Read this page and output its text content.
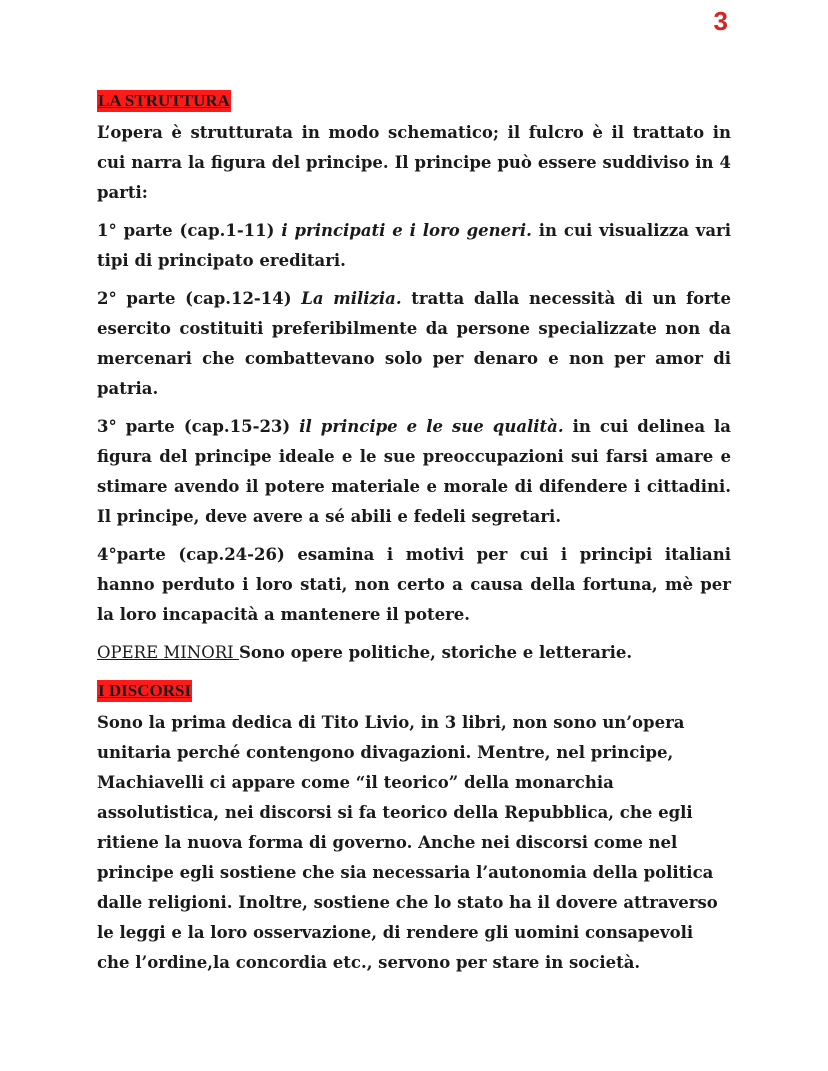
3
LA STRUTTURA

L’opera è strutturata in modo schematico; il fulcro è il trattato in cui narra la figura del principe. Il principe può essere suddiviso in 4 parti:

1° parte (cap.1-11) i principati e i loro generi. in cui visualizza vari tipi di principato ereditari.

2° parte (cap.12-14) La milizia. tratta dalla necessità di un forte esercito costituiti preferibilmente da persone specializzate non da mercenari che combattevano solo per denaro e non per amor di patria.

3° parte (cap.15-23) il principe e le sue qualità. in cui delinea la figura del principe ideale e le sue preoccupazioni sui farsi amare e stimare avendo il potere materiale e morale di difendere i cittadini. Il principe, deve avere a sé abili e fedeli segretari.

4°parte (cap.24-26) esamina i motivi per cui i principi italiani hanno perduto i loro stati, non certo a causa della fortuna, mè per la loro incapacità a mantenere il potere.

OPERE MINORI Sono opere politiche, storiche e letterarie.

I DISCORSI

Sono la prima dedica di Tito Livio, in 3 libri, non sono un’opera unitaria perché contengono divagazioni. Mentre, nel principe, Machiavelli ci appare come “il teorico” della monarchia assolutistica, nei discorsi si fa teorico della Repubblica, che egli ritiene la nuova forma di governo. Anche nei discorsi come nel principe egli sostiene che sia necessaria l’autonomia della politica dalle religioni. Inoltre, sostiene che lo stato ha il dovere attraverso le leggi e la loro osservazione, di rendere gli uomini consapevoli che l’ordine,la concordia etc., servono per stare in società.
